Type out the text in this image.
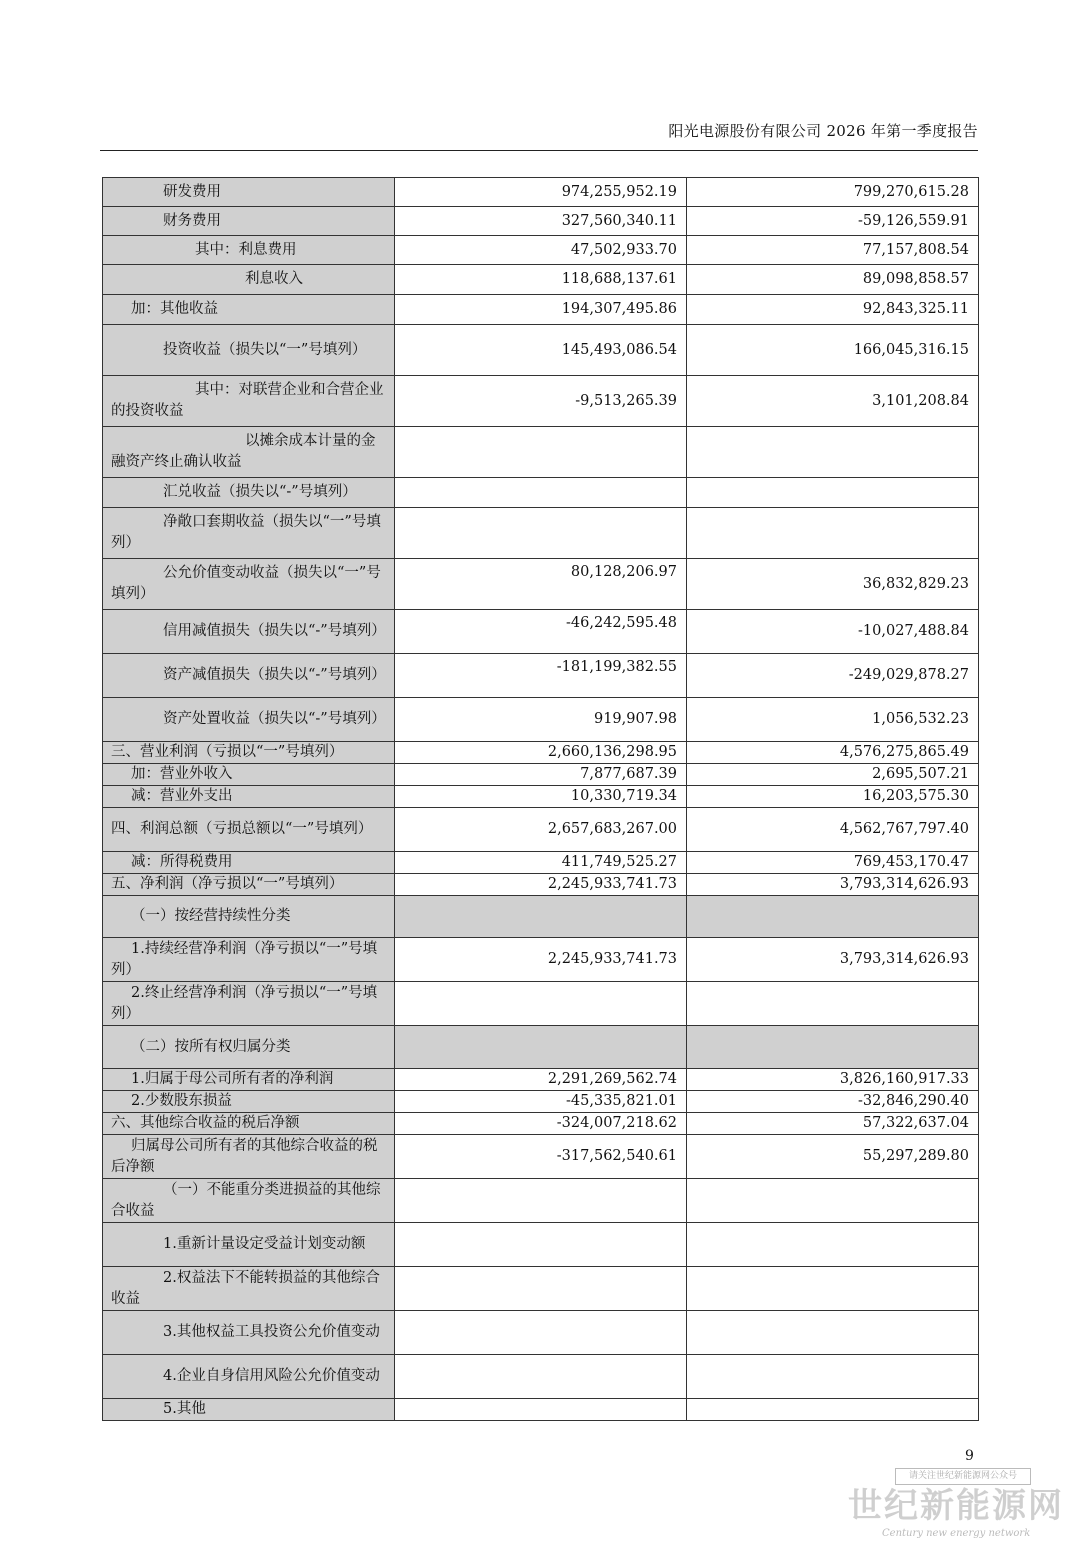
阳光电源股份有限公司 2026 年第一季度报告
研发费用	974,255,952.19	799,270,615.28
财务费用	327,560,340.11	-59,126,559.91
其中：利息费用	47,502,933.70	77,157,808.54
利息收入	118,688,137.61	89,098,858.57
加：其他收益	194,307,495.86	92,843,325.11
投资收益（损失以“一”号填列）	145,493,086.54	166,045,316.15
其中：对联营企业和合营企业的投资收益	-9,513,265.39	3,101,208.84
以摊余成本计量的金融资产终止确认收益		
汇兑收益（损失以“-”号填列）		
净敞口套期收益（损失以“一”号填列）		
公允价值变动收益（损失以“一”号填列）	80,128,206.97	36,832,829.23
信用减值损失（损失以“-”号填列）	-46,242,595.48	-10,027,488.84
资产减值损失（损失以“-”号填列）	-181,199,382.55	-249,029,878.27
资产处置收益（损失以“-”号填列）	919,907.98	1,056,532.23
三、营业利润（亏损以“一”号填列）	2,660,136,298.95	4,576,275,865.49
加：营业外收入	7,877,687.39	2,695,507.21
减：营业外支出	10,330,719.34	16,203,575.30
四、利润总额（亏损总额以“一”号填列）	2,657,683,267.00	4,562,767,797.40
减：所得税费用	411,749,525.27	769,453,170.47
五、净利润（净亏损以“一”号填列）	2,245,933,741.73	3,793,314,626.93
（一）按经营持续性分类		
1.持续经营净利润（净亏损以“一”号填列）	2,245,933,741.73	3,793,314,626.93
2.终止经营净利润（净亏损以“一”号填列）		
（二）按所有权归属分类		
1.归属于母公司所有者的净利润	2,291,269,562.74	3,826,160,917.33
2.少数股东损益	-45,335,821.01	-32,846,290.40
六、其他综合收益的税后净额	-324,007,218.62	57,322,637.04
归属母公司所有者的其他综合收益的税后净额	-317,562,540.61	55,297,289.80
（一）不能重分类进损益的其他综合收益		
1.重新计量设定受益计划变动额		
2.权益法下不能转损益的其他综合收益		
3.其他权益工具投资公允价值变动		
4.企业自身信用风险公允价值变动		
5.其他		
9
请关注世纪新能源网公众号
世纪新能源网
Century new energy network
